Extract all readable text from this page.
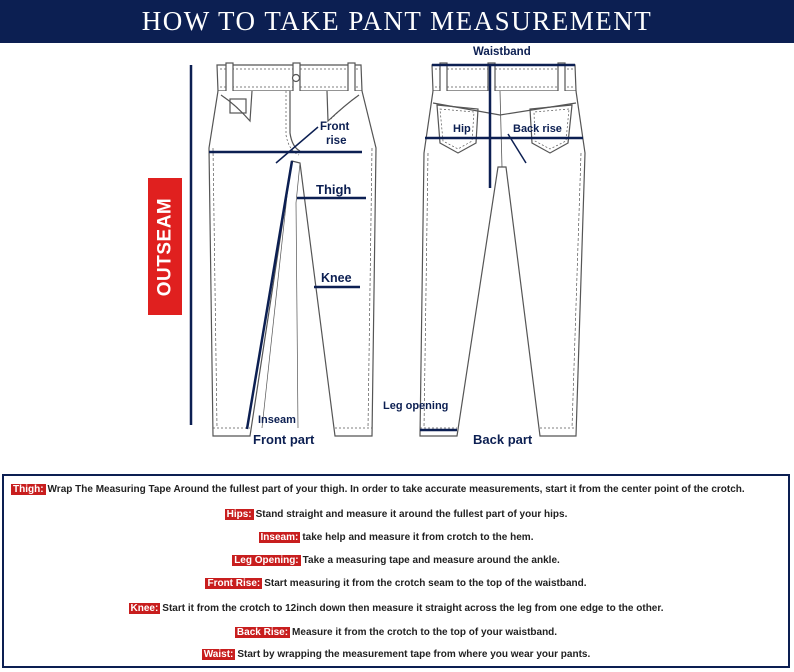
HOW TO TAKE PANT MEASUREMENT
OUTSEAM
Front
rise
Thigh
Knee
Inseam
Front part
Waistband
Hip	Back rise
Leg opening
Back part
Thigh: Wrap The Measuring Tape Around the fullest part of your thigh. In order to take accurate measurements, start it from the center point of the crotch.
Hips: Stand straight and measure it around the fullest part of your hips.
Inseam: take help and measure it from crotch to the hem.
Leg Opening: Take a measuring tape and measure around the ankle.
Front Rise: Start measuring it from the crotch seam to the top of the waistband.
Knee: Start it from the crotch to 12inch down then measure it straight across the leg from one edge to the other.
Back Rise: Measure it from the crotch to the top of your waistband.
Waist: Start by wrapping the measurement tape from where you wear your pants.
